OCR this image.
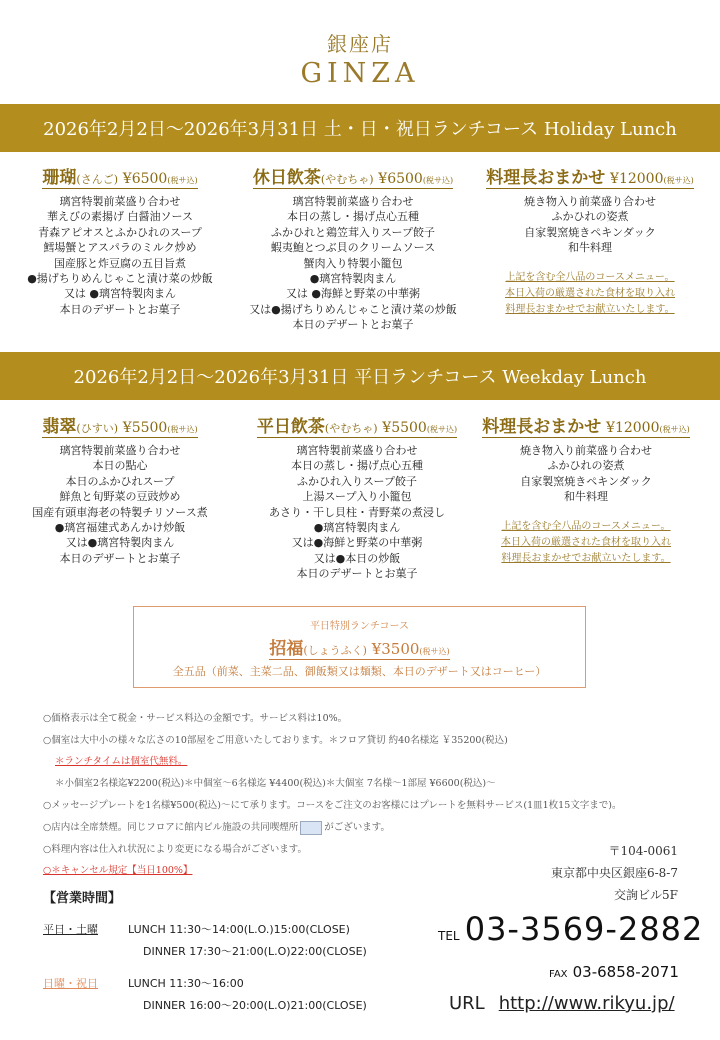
銀座店
GINZA
2026年2月2日～2026年3月31日 土・日・祝日ランチコース Holiday Lunch
珊瑚(さんご) ¥6500(税サ込)
璃宮特製前菜盛り合わせ
華えびの素揚げ 白醤油ソース
青森アピオスとふかひれのスープ
鱈場蟹とアスパラのミルク炒め
国産豚と炸豆腐の五目旨煮
●揚げちりめんじゃこと漬け菜の炒飯
又は ●璃宮特製肉まん
本日のデザートとお菓子
休日飲茶(やむちゃ) ¥6500(税サ込)
璃宮特製前菜盛り合わせ
本日の蒸し・揚げ点心五種
ふかひれと鶏笠茸入りスープ餃子
蝦夷鮑とつぶ貝のクリームソース
蟹肉入り特製小籠包
●璃宮特製肉まん
又は ●海鮮と野菜の中華粥
又は●揚げちりめんじゃこと漬け菜の炒飯
本日のデザートとお菓子
料理長おまかせ ¥12000(税サ込)
焼き物入り前菜盛り合わせ
ふかひれの姿煮
自家製窯焼きペキンダック
和牛料理
上記を含む全八品のコースメニュー。
本日入荷の厳選された食材を取り入れ
料理長おまかせでお献立いたします。
2026年2月2日～2026年3月31日 平日ランチコース Weekday Lunch
翡翠(ひすい) ¥5500(税サ込)
璃宮特製前菜盛り合わせ
本日の點心
本日のふかひれスープ
鮮魚と旬野菜の豆豉炒め
国産有頭車海老の特製チリソース煮
●璃宮福建式あんかけ炒飯
又は●璃宮特製肉まん
本日のデザートとお菓子
平日飲茶(やむちゃ) ¥5500(税サ込)
璃宮特製前菜盛り合わせ
本日の蒸し・揚げ点心五種
ふかひれ入りスープ餃子
上湯スープ入り小籠包
あさり・干し貝柱・青野菜の煮浸し
●璃宮特製肉まん
又は●海鮮と野菜の中華粥
又は●本日の炒飯
本日のデザートとお菓子
料理長おまかせ ¥12000(税サ込)
焼き物入り前菜盛り合わせ
ふかひれの姿煮
自家製窯焼きペキンダック
和牛料理
上記を含む全八品のコースメニュー。
本日入荷の厳選された食材を取り入れ
料理長おまかせでお献立いたします。
平日特別ランチコース
招福(しょうふく) ¥3500(税サ込)
全五品（前菜、主菜二品、御飯類又は麺類、本日のデザート又はコーヒー）
○価格表示は全て税金・サービス料込の金額です。サービス料は10%。
○個室は大中小の様々な広さの10部屋をご用意いたしております。＊フロア貸切 約40名様迄 ￥35200(税込)
＊ランチタイムは個室代無料。
＊小個室2名様迄¥2200(税込)＊中個室～6名様迄 ¥4400(税込)＊大個室 7名様～1部屋 ¥6600(税込)～
○メッセージプレートを1名様¥500(税込)～にて承ります。コースをご注文のお客様にはプレートを無料サービス(1皿1枚15文字まで)。
○店内は全席禁煙。同じフロアに館内ビル施設の共同喫煙所	がございます。
○料理内容は仕入れ状況により変更になる場合がございます。
○＊キャンセル規定【当日100%】
〒104-0061
東京都中央区銀座6-8-7
交詢ビル5F
【営業時間】
平日・土曜	LUNCH 11:30～14:00(L.O.)15:00(CLOSE)
DINNER 17:30～21:00(L.O)22:00(CLOSE)
日曜・祝日	LUNCH 11:30～16:00
DINNER 16:00～20:00(L.O)21:00(CLOSE)
TEL 03-3569-2882
FAX 03-6858-2071
URL http://www.rikyu.jp/
